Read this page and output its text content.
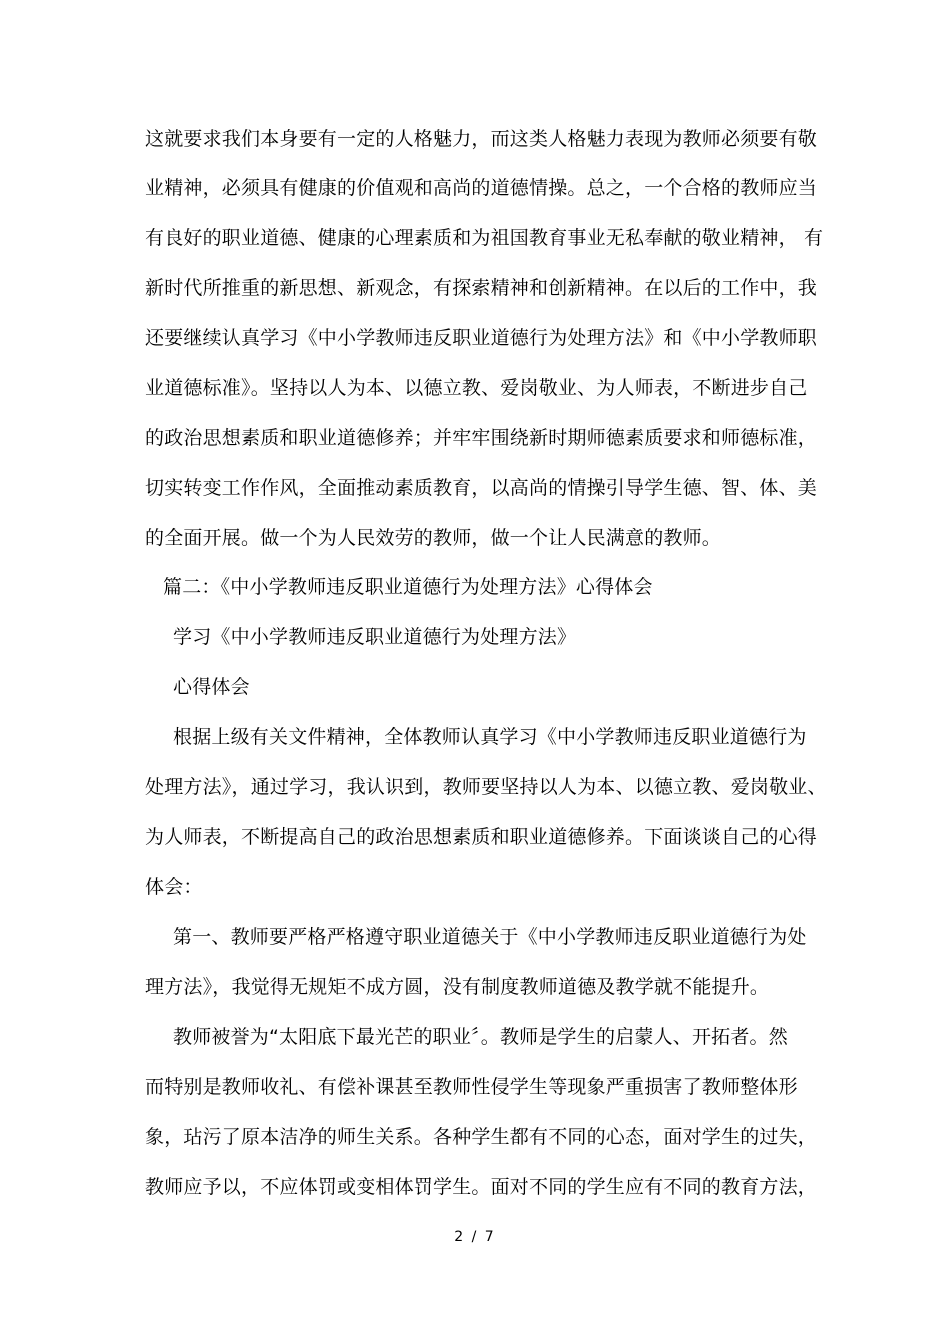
这就要求我们本身要有一定的人格魅力，而这类人格魅力表现为教师必须要有敬
业精神，必须具有健康的价值观和高尚的道德情操。总之，一个合格的教师应当
有良好的职业道德、健康的心理素质和为祖国教育事业无私奉献的敬业精神， 有
新时代所推重的新思想、新观念，有探索精神和创新精神。在以后的工作中，我
还要继续认真学习《中小学教师违反职业道德行为处理方法》和《中小学教师职
业道德标准》。坚持以人为本、以德立教、爱岗敬业、为人师表，不断进步自己
的政治思想素质和职业道德修养；并牢牢围绕新时期师德素质要求和师德标准，
切实转变工作作风，全面推动素质教育，以高尚的情操引导学生德、智、体、美
的全面开展。做一个为人民效劳的教师，做一个让人民满意的教师。
篇二：《中小学教师违反职业道德行为处理方法》心得体会
学习《中小学教师违反职业道德行为处理方法》
心得体会
根据上级有关文件精神，全体教师认真学习《中小学教师违反职业道德行为
处理方法》，通过学习，我认识到，教师要坚持以人为本、以德立教、爱岗敬业、
为人师表，不断提高自己的政治思想素质和职业道德修养。下面谈谈自己的心得
体会：
第一、教师要严格严格遵守职业道德关于《中小学教师违反职业道德行为处
理方法》，我觉得无规矩不成方圆，没有制度教师道德及教学就不能提升。
教师被誉为“太阳底下最光芒的职业〞。教师是学生的启蒙人、开拓者。然
而特别是教师收礼、有偿补课甚至教师性侵学生等现象严重损害了教师整体形
象，玷污了原本洁净的师生关系。各种学生都有不同的心态，面对学生的过失，
教师应予以，不应体罚或变相体罚学生。面对不同的学生应有不同的教育方法，
2 / 7
